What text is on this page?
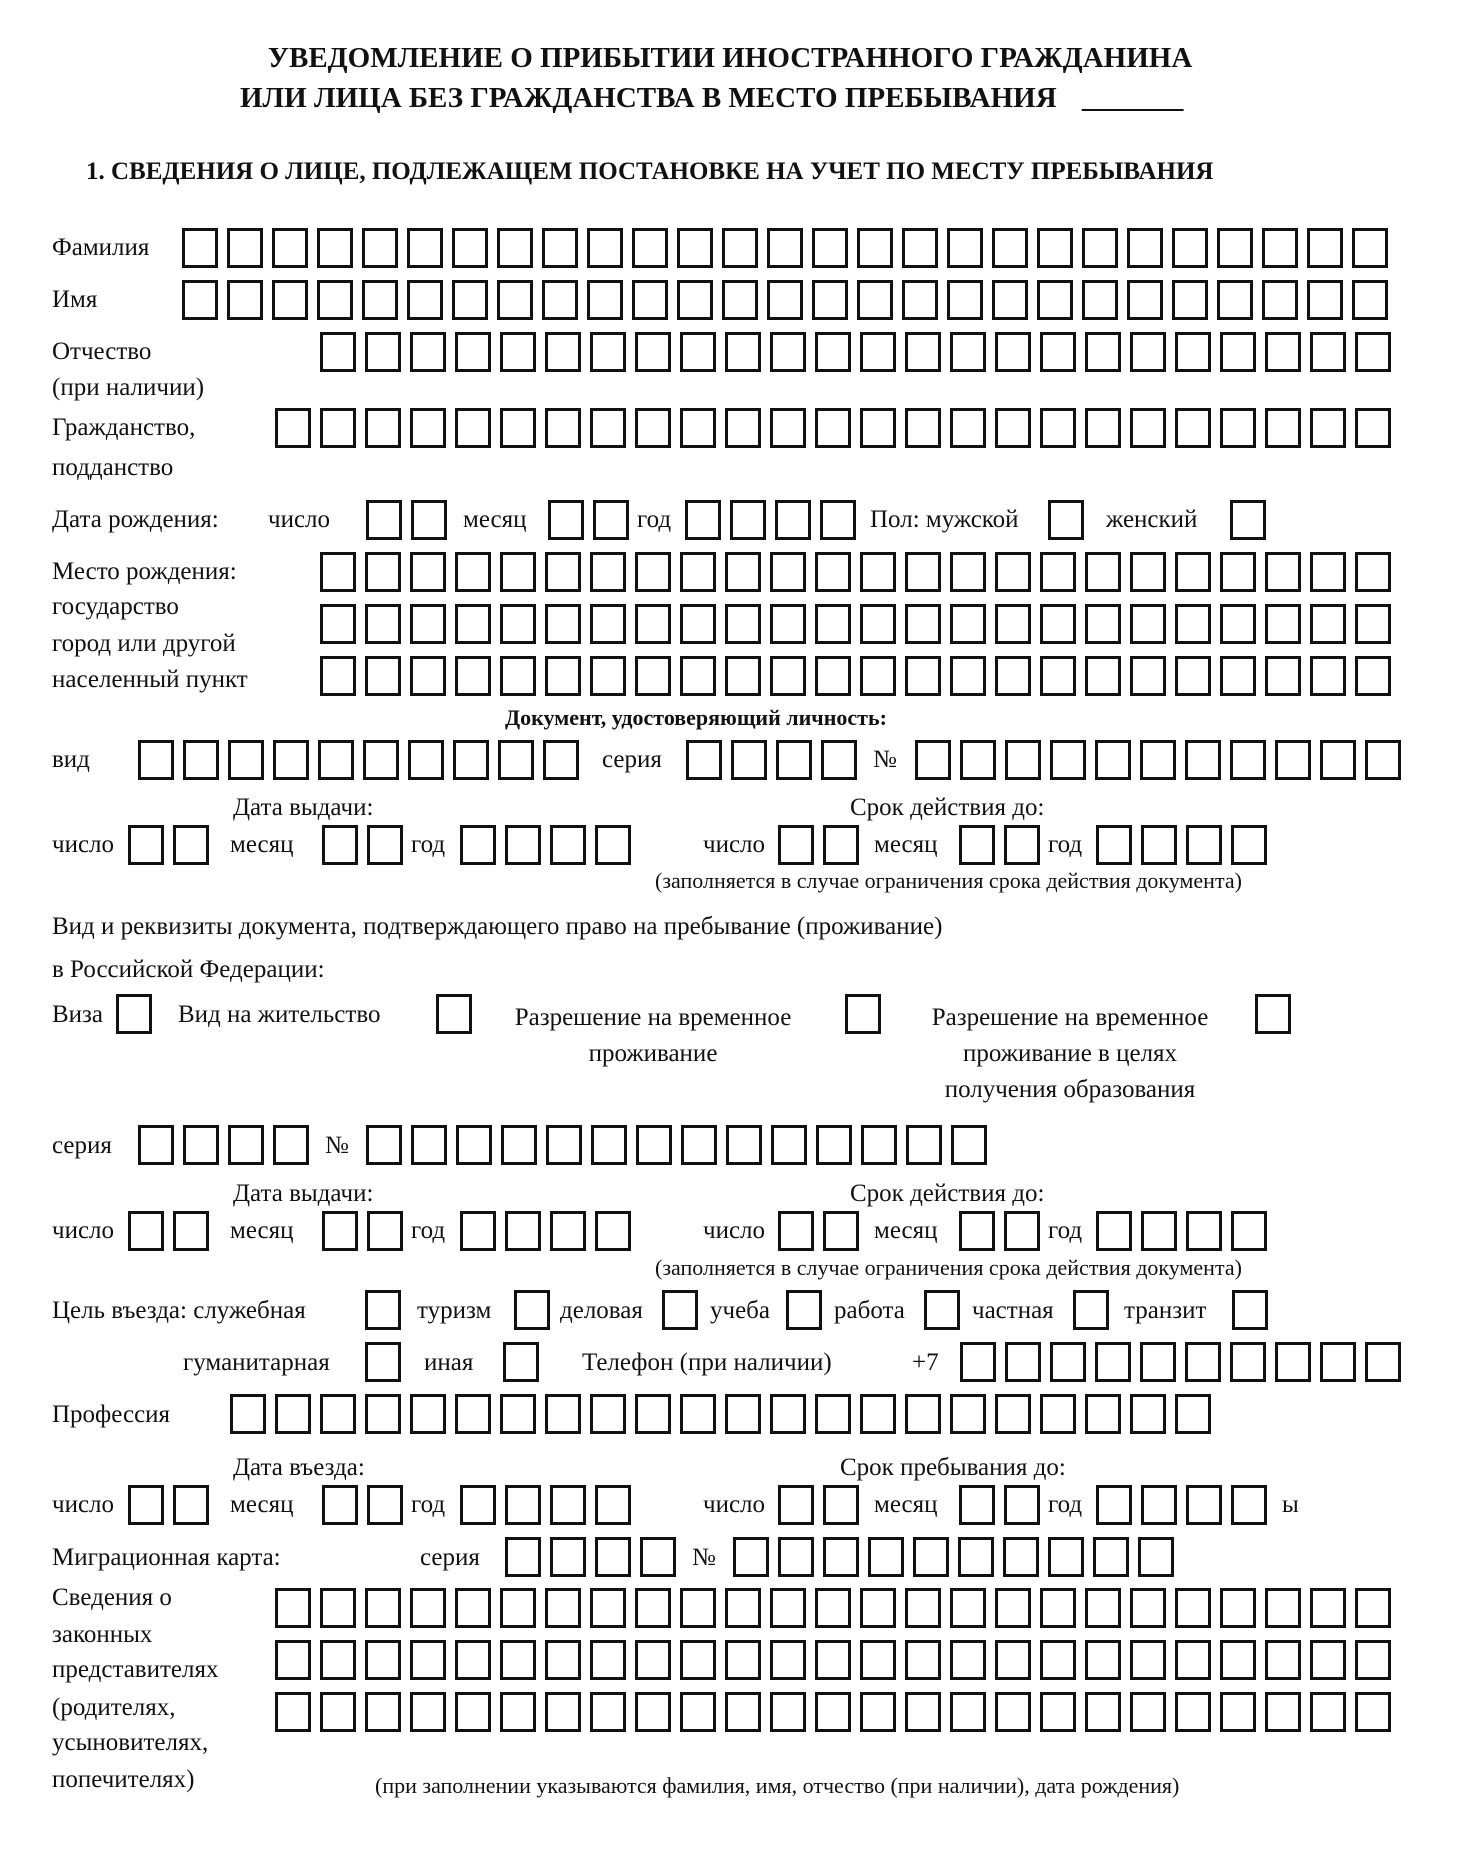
УВЕДОМЛЕНИЕ О ПРИБЫТИИ ИНОСТРАННОГО ГРАЖДАНИНА
ИЛИ ЛИЦА БЕЗ ГРАЖДАНСТВА В МЕСТО ПРЕБЫВАНИЯ _______
1. СВЕДЕНИЯ О ЛИЦЕ, ПОДЛЕЖАЩЕМ ПОСТАНОВКЕ НА УЧЕТ ПО МЕСТУ ПРЕБЫВАНИЯ
Фамилия
Имя
Отчество
(при наличии)
Гражданство,
подданство
Дата рождения: число	месяц	год	Пол: мужской	женский
Место рождения:
государство
город или другой
населенный пункт
Документ, удостоверяющий личность:
вид	серия	№
Дата выдачи:	Срок действия до:
число	месяц	год	число	месяц	год
(заполняется в случае ограничения срока действия документа)
Вид и реквизиты документа, подтверждающего право на пребывание (проживание)
в Российской Федерации:
Виза	Вид на жительство	Разрешение на временное
проживание
Разрешение на временное
проживание в целях
получения образования
серия	№
Дата выдачи:	Срок действия до:
число	месяц	год	число	месяц	год
(заполняется в случае ограничения срока действия документа)
Цель въезда: служебная	туризм	деловая	учеба	работа	частная	транзит
гуманитарная	иная	Телефон (при наличии)	+7
Профессия
Дата въезда:	Срок пребывания до:
число	месяц	год	число	месяц	год	ы
Миграционная карта:	серия	№
Сведения о
законных
представителях
(родителях,
усыновителях,
попечителях)	(при заполнении указываются фамилия, имя, отчество (при наличии), дата рождения)
